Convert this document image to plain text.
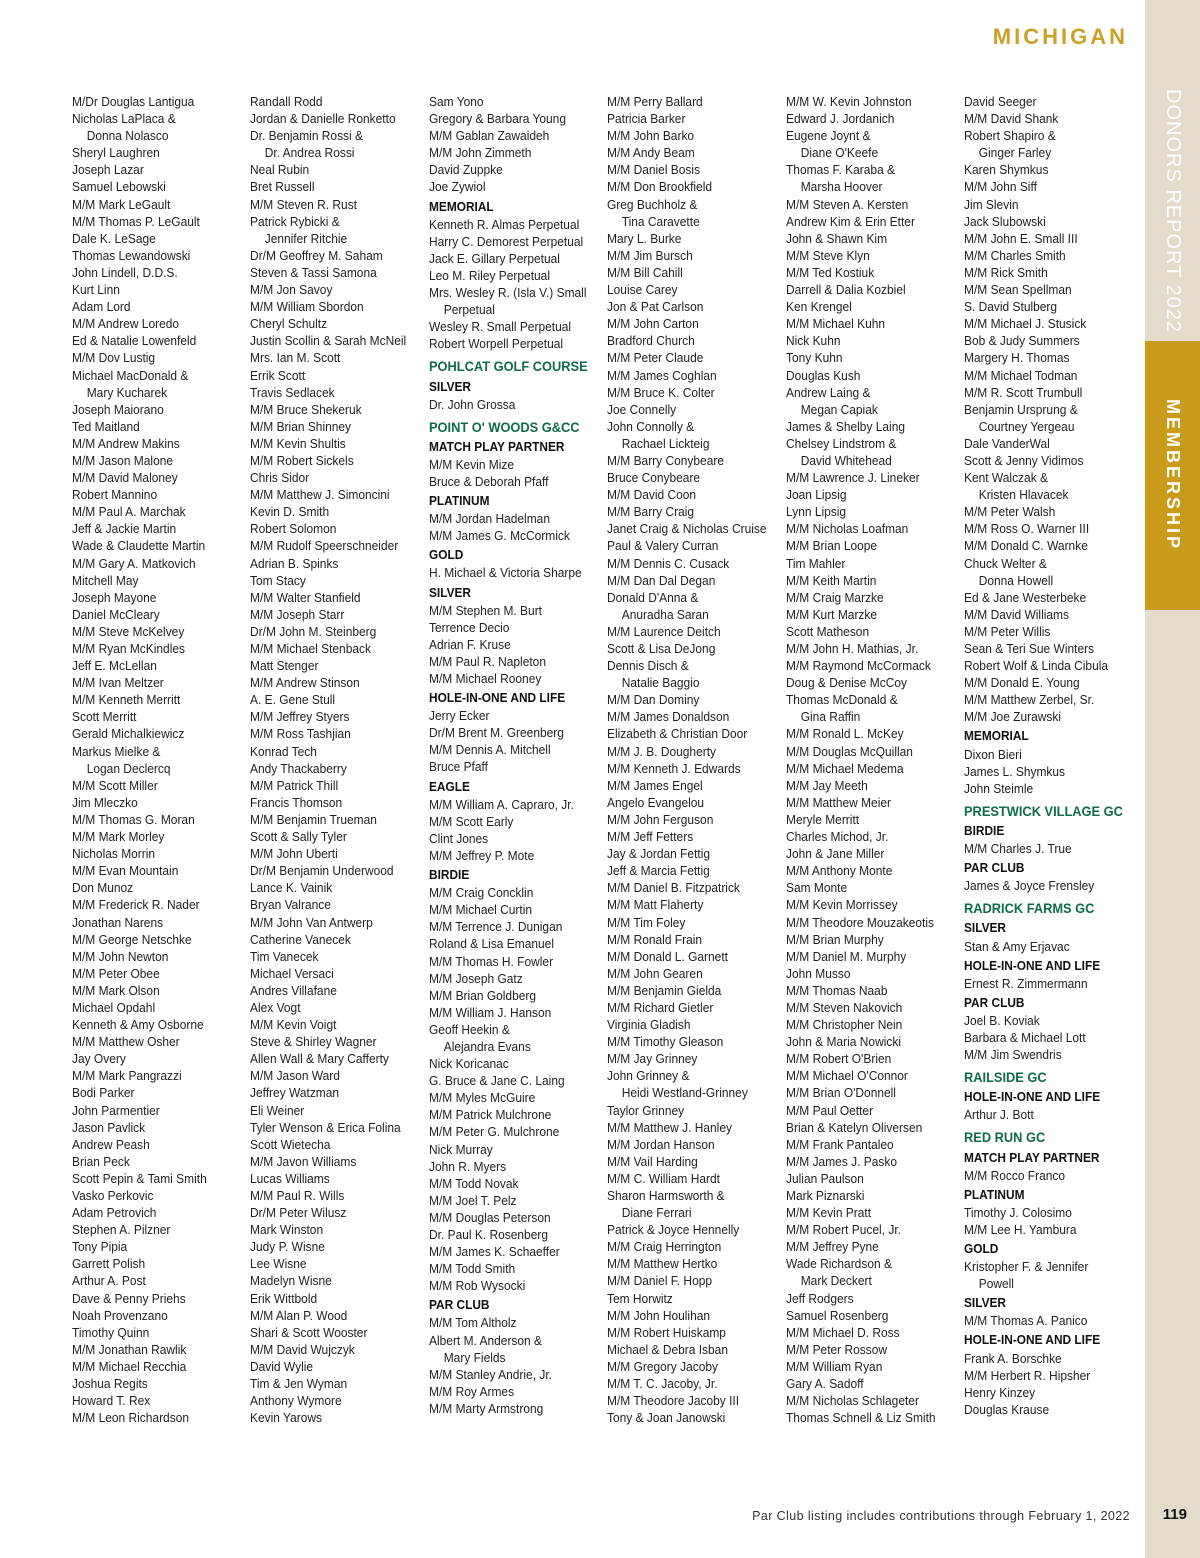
MICHIGAN
DONORS REPORT 2022
MEMBERSHIP
M/Dr Douglas Lantigua
Nicholas LaPlaca &
Donna Nolasco
Sheryl Laughren
Joseph Lazar
Samuel Lebowski
M/M Mark LeGault
M/M Thomas P. LeGault
Dale K. LeSage
Thomas Lewandowski
John Lindell, D.D.S.
Kurt Linn
Adam Lord
M/M Andrew Loredo
Ed & Natalie Lowenfeld
M/M Dov Lustig
Michael MacDonald &
Mary Kucharek
Joseph Maiorano
Ted Maitland
M/M Andrew Makins
M/M Jason Malone
M/M David Maloney
Robert Mannino
M/M Paul A. Marchak
Jeff & Jackie Martin
Wade & Claudette Martin
M/M Gary A. Matkovich
Mitchell May
Joseph Mayone
Daniel McCleary
M/M Steve McKelvey
M/M Ryan McKindles
Jeff E. McLellan
M/M Ivan Meltzer
M/M Kenneth Merritt
Scott Merritt
Gerald Michalkiewicz
Markus Mielke &
Logan Declercq
M/M Scott Miller
Jim Mleczko
M/M Thomas G. Moran
M/M Mark Morley
Nicholas Morrin
M/M Evan Mountain
Don Munoz
M/M Frederick R. Nader
Jonathan Narens
M/M George Netschke
M/M John Newton
M/M Peter Obee
M/M Mark Olson
Michael Opdahl
Kenneth & Amy Osborne
M/M Matthew Osher
Jay Overy
M/M Mark Pangrazzi
Bodi Parker
John Parmentier
Jason Pavlick
Andrew Peash
Brian Peck
Scott Pepin & Tami Smith
Vasko Perkovic
Adam Petrovich
Stephen A. Pilzner
Tony Pipia
Garrett Polish
Arthur A. Post
Dave & Penny Priehs
Noah Provenzano
Timothy Quinn
M/M Jonathan Rawlik
M/M Michael Recchia
Joshua Regits
Howard T. Rex
M/M Leon Richardson
Randall Rodd
Jordan & Danielle Ronketto
Dr. Benjamin Rossi &
Dr. Andrea Rossi
Neal Rubin
Bret Russell
M/M Steven R. Rust
Patrick Rybicki &
Jennifer Ritchie
Dr/M Geoffrey M. Saham
Steven & Tassi Samona
M/M Jon Savoy
M/M William Sbordon
Cheryl Schultz
Justin Scollin & Sarah McNeil
Mrs. Ian M. Scott
Errik Scott
Travis Sedlacek
M/M Bruce Shekeruk
M/M Brian Shinney
M/M Kevin Shultis
M/M Robert Sickels
Chris Sidor
M/M Matthew J. Simoncini
Kevin D. Smith
Robert Solomon
M/M Rudolf Speerschneider
Adrian B. Spinks
Tom Stacy
M/M Walter Stanfield
M/M Joseph Starr
Dr/M John M. Steinberg
M/M Michael Stenback
Matt Stenger
M/M Andrew Stinson
A. E. Gene Stull
M/M Jeffrey Styers
M/M Ross Tashjian
Konrad Tech
Andy Thackaberry
M/M Patrick Thill
Francis Thomson
M/M Benjamin Trueman
Scott & Sally Tyler
M/M John Uberti
Dr/M Benjamin Underwood
Lance K. Vainik
Bryan Valrance
M/M John Van Antwerp
Catherine Vanecek
Tim Vanecek
Michael Versaci
Andres Villafane
Alex Vogt
M/M Kevin Voigt
Steve & Shirley Wagner
Allen Wall & Mary Cafferty
M/M Jason Ward
Jeffrey Watzman
Eli Weiner
Tyler Wenson & Erica Folina
Scott Wietecha
M/M Javon Williams
Lucas Williams
M/M Paul R. Wills
Dr/M Peter Wilusz
Mark Winston
Judy P. Wisne
Lee Wisne
Madelyn Wisne
Erik Wittbold
M/M Alan P. Wood
Shari & Scott Wooster
M/M David Wujczyk
David Wylie
Tim & Jen Wyman
Anthony Wymore
Kevin Yarows
Sam Yono
Gregory & Barbara Young
M/M Gablan Zawaideh
M/M John Zimmeth
David Zuppke
Joe Zywiol
MEMORIAL
Kenneth R. Almas Perpetual
Harry C. Demorest Perpetual
Jack E. Gillary Perpetual
Leo M. Riley Perpetual
Mrs. Wesley R. (Isla V.) Small
Perpetual
Wesley R. Small Perpetual
Robert Worpell Perpetual
POHLCAT GOLF COURSE
SILVER
Dr. John Grossa
POINT O' WOODS G&CC
MATCH PLAY PARTNER
M/M Kevin Mize
Bruce & Deborah Pfaff
PLATINUM
M/M Jordan Hadelman
M/M James G. McCormick
GOLD
H. Michael & Victoria Sharpe
SILVER
M/M Stephen M. Burt
Terrence Decio
Adrian F. Kruse
M/M Paul R. Napleton
M/M Michael Rooney
HOLE-IN-ONE AND LIFE
Jerry Ecker
Dr/M Brent M. Greenberg
M/M Dennis A. Mitchell
Bruce Pfaff
EAGLE
M/M William A. Capraro, Jr.
M/M Scott Early
Clint Jones
M/M Jeffrey P. Mote
BIRDIE
M/M Craig Concklin
M/M Michael Curtin
M/M Terrence J. Dunigan
Roland & Lisa Emanuel
M/M Thomas H. Fowler
M/M Joseph Gatz
M/M Brian Goldberg
M/M William J. Hanson
Geoff Heekin &
Alejandra Evans
Nick Koricanac
G. Bruce & Jane C. Laing
M/M Myles McGuire
M/M Patrick Mulchrone
M/M Peter G. Mulchrone
Nick Murray
John R. Myers
M/M Todd Novak
M/M Joel T. Pelz
M/M Douglas Peterson
Dr. Paul K. Rosenberg
M/M James K. Schaeffer
M/M Todd Smith
M/M Rob Wysocki
PAR CLUB
M/M Tom Altholz
Albert M. Anderson &
Mary Fields
M/M Stanley Andrie, Jr.
M/M Roy Armes
M/M Marty Armstrong
M/M Perry Ballard
Patricia Barker
M/M John Barko
M/M Andy Beam
M/M Daniel Bosis
M/M Don Brookfield
Greg Buchholz &
Tina Caravette
Mary L. Burke
M/M Jim Bursch
M/M Bill Cahill
Louise Carey
Jon & Pat Carlson
M/M John Carton
Bradford Church
M/M Peter Claude
M/M James Coghlan
M/M Bruce K. Colter
Joe Connelly
John Connolly &
Rachael Lickteig
M/M Barry Conybeare
Bruce Conybeare
M/M David Coon
M/M Barry Craig
Janet Craig & Nicholas Cruise
Paul & Valery Curran
M/M Dennis C. Cusack
M/M Dan Dal Degan
Donald D'Anna &
Anuradha Saran
M/M Laurence Deitch
Scott & Lisa DeJong
Dennis Disch &
Natalie Baggio
M/M Dan Dominy
M/M James Donaldson
Elizabeth & Christian Door
M/M J. B. Dougherty
M/M Kenneth J. Edwards
M/M James Engel
Angelo Evangelou
M/M John Ferguson
M/M Jeff Fetters
Jay & Jordan Fettig
Jeff & Marcia Fettig
M/M Daniel B. Fitzpatrick
M/M Matt Flaherty
M/M Tim Foley
M/M Ronald Frain
M/M Donald L. Garnett
M/M John Gearen
M/M Benjamin Gielda
M/M Richard Gietler
Virginia Gladish
M/M Timothy Gleason
M/M Jay Grinney
John Grinney &
Heidi Westland-Grinney
Taylor Grinney
M/M Matthew J. Hanley
M/M Jordan Hanson
M/M Vail Harding
M/M C. William Hardt
Sharon Harmsworth &
Diane Ferrari
Patrick & Joyce Hennelly
M/M Craig Herrington
M/M Matthew Hertko
M/M Daniel F. Hopp
Tem Horwitz
M/M John Houlihan
M/M Robert Huiskamp
Michael & Debra Isban
M/M Gregory Jacoby
M/M T. C. Jacoby, Jr.
M/M Theodore Jacoby III
Tony & Joan Janowski
M/M W. Kevin Johnston
Edward J. Jordanich
Eugene Joynt &
Diane O'Keefe
Thomas F. Karaba &
Marsha Hoover
M/M Steven A. Kersten
Andrew Kim & Erin Etter
John & Shawn Kim
M/M Steve Klyn
M/M Ted Kostiuk
Darrell & Dalia Kozbiel
Ken Krengel
M/M Michael Kuhn
Nick Kuhn
Tony Kuhn
Douglas Kush
Andrew Laing &
Megan Capiak
James & Shelby Laing
Chelsey Lindstrom &
David Whitehead
M/M Lawrence J. Lineker
Joan Lipsig
Lynn Lipsig
M/M Nicholas Loafman
M/M Brian Loope
Tim Mahler
M/M Keith Martin
M/M Craig Marzke
M/M Kurt Marzke
Scott Matheson
M/M John H. Mathias, Jr.
M/M Raymond McCormack
Doug & Denise McCoy
Thomas McDonald &
Gina Raffin
M/M Ronald L. McKey
M/M Douglas McQuillan
M/M Michael Medema
M/M Jay Meeth
M/M Matthew Meier
Meryle Merritt
Charles Michod, Jr.
John & Jane Miller
M/M Anthony Monte
Sam Monte
M/M Kevin Morrissey
M/M Theodore Mouzakeotis
M/M Brian Murphy
M/M Daniel M. Murphy
John Musso
M/M Thomas Naab
M/M Steven Nakovich
M/M Christopher Nein
John & Maria Nowicki
M/M Robert O'Brien
M/M Michael O'Connor
M/M Brian O'Donnell
M/M Paul Oetter
Brian & Katelyn Oliversen
M/M Frank Pantaleo
M/M James J. Pasko
Julian Paulson
Mark Piznarski
M/M Kevin Pratt
M/M Robert Pucel, Jr.
M/M Jeffrey Pyne
Wade Richardson &
Mark Deckert
Jeff Rodgers
Samuel Rosenberg
M/M Michael D. Ross
M/M Peter Rossow
M/M William Ryan
Gary A. Sadoff
M/M Nicholas Schlageter
Thomas Schnell & Liz Smith
David Seeger
M/M David Shank
Robert Shapiro &
Ginger Farley
Karen Shymkus
M/M John Siff
Jim Slevin
Jack Slubowski
M/M John E. Small III
M/M Charles Smith
M/M Rick Smith
M/M Sean Spellman
S. David Stulberg
M/M Michael J. Stusick
Bob & Judy Summers
Margery H. Thomas
M/M Michael Todman
M/M R. Scott Trumbull
Benjamin Ursprung &
Courtney Yergeau
Dale VanderWal
Scott & Jenny Vidimos
Kent Walczak &
Kristen Hlavacek
M/M Peter Walsh
M/M Ross O. Warner III
M/M Donald C. Warnke
Chuck Welter &
Donna Howell
Ed & Jane Westerbeke
M/M David Williams
M/M Peter Willis
Sean & Teri Sue Winters
Robert Wolf & Linda Cibula
M/M Donald E. Young
M/M Matthew Zerbel, Sr.
M/M Joe Zurawski
MEMORIAL
Dixon Bieri
James L. Shymkus
John Steimle
PRESTWICK VILLAGE GC
BIRDIE
M/M Charles J. True
PAR CLUB
James & Joyce Frensley
RADRICK FARMS GC
SILVER
Stan & Amy Erjavac
HOLE-IN-ONE AND LIFE
Ernest R. Zimmermann
PAR CLUB
Joel B. Koviak
Barbara & Michael Lott
M/M Jim Swendris
RAILSIDE GC
HOLE-IN-ONE AND LIFE
Arthur J. Bott
RED RUN GC
MATCH PLAY PARTNER
M/M Rocco Franco
PLATINUM
Timothy J. Colosimo
M/M Lee H. Yambura
GOLD
Kristopher F. & Jennifer
Powell
SILVER
M/M Thomas A. Panico
HOLE-IN-ONE AND LIFE
Frank A. Borschke
M/M Herbert R. Hipsher
Henry Kinzey
Douglas Krause
Par Club listing includes contributions through February 1, 2022 119
